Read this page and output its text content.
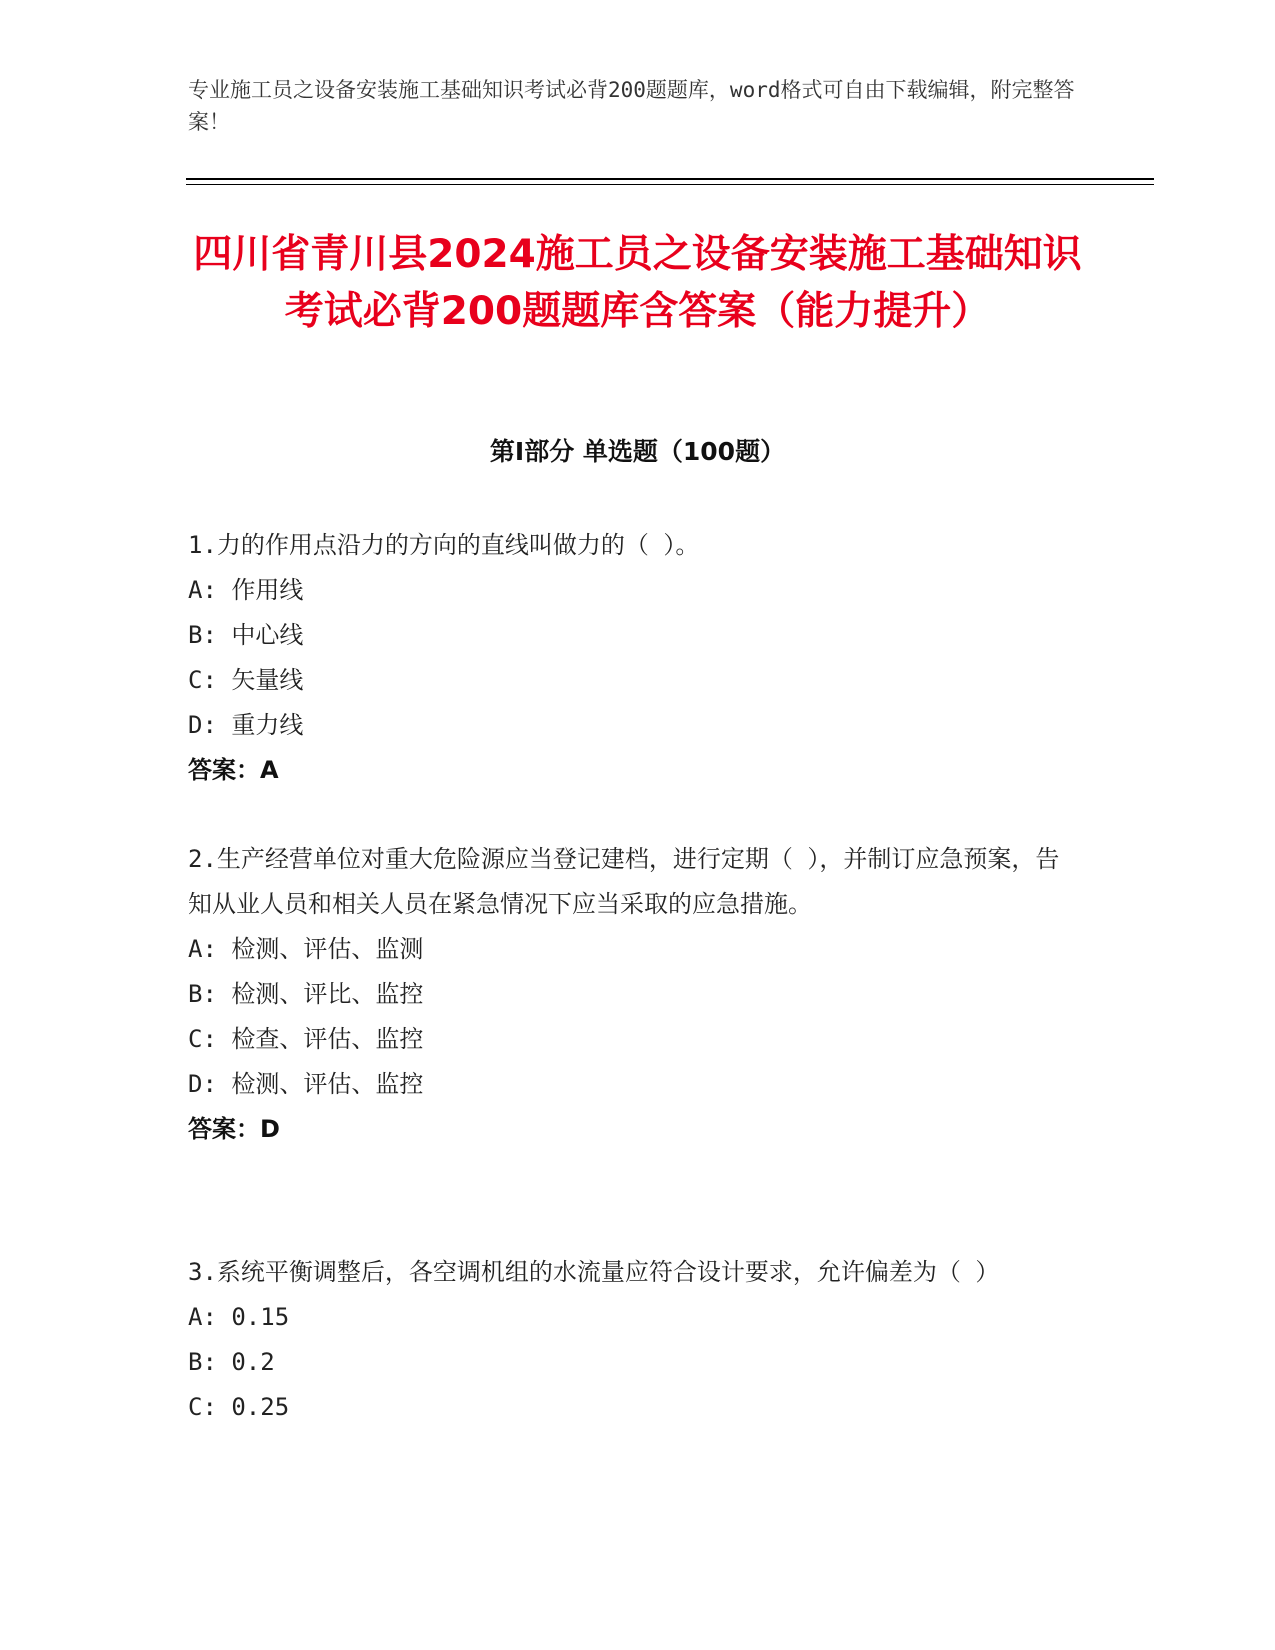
专业施工员之设备安装施工基础知识考试必背200题题库，word格式可自由下载编辑，附完整答案！
四川省青川县2024施工员之设备安装施工基础知识考试必背200题题库含答案（能力提升）
第Ⅰ部分 单选题（100题）

1.力的作用点沿力的方向的直线叫做力的（ ）。

A: 作用线

B: 中心线

C: 矢量线

D: 重力线

答案：A

2.生产经营单位对重大危险源应当登记建档，进行定期（ ），并制订应急预案，告知从业人员和相关人员在紧急情况下应当采取的应急措施。

A: 检测、评估、监测

B: 检测、评比、监控

C: 检查、评估、监控

D: 检测、评估、监控

答案：D

3.系统平衡调整后，各空调机组的水流量应符合设计要求，允许偏差为（ ）

A: 0.15

B: 0.2

C: 0.25
